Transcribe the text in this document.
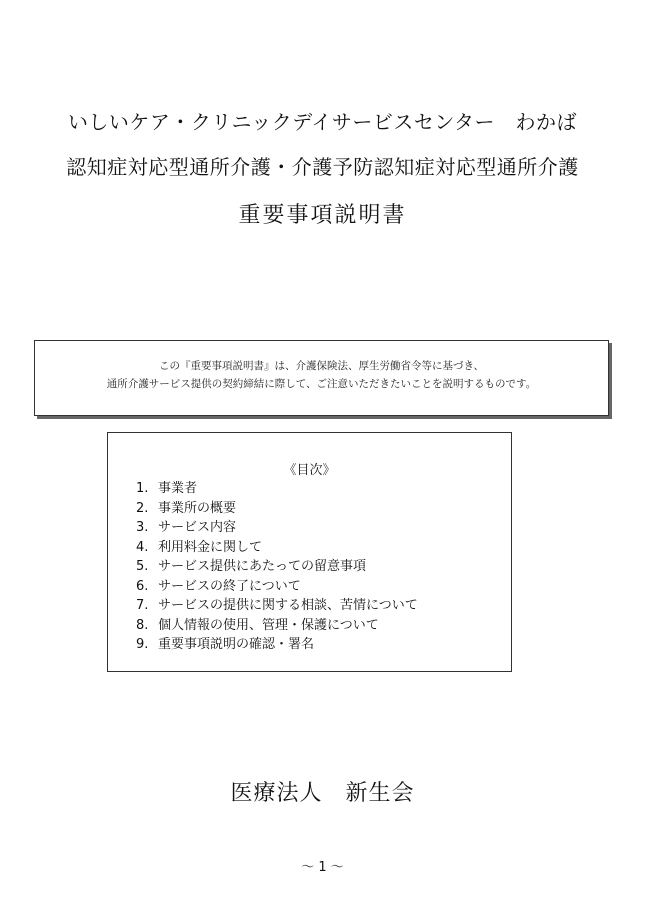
いしいケア・クリニックデイサービスセンター　わかば
認知症対応型通所介護・介護予防認知症対応型通所介護
重要事項説明書
この『重要事項説明書』は、介護保険法、厚生労働省令等に基づき、
通所介護サービス提供の契約締結に際して、ご注意いただきたいことを説明するものです。
《目次》
1. 事業者
2. 事業所の概要
3. サービス内容
4. 利用料金に関して
5. サービス提供にあたっての留意事項
6. サービスの終了について
7. サービスの提供に関する相談、苦情について
8. 個人情報の使用、管理・保護について
9. 重要事項説明の確認・署名
医療法人　新生会
～ 1 ～
